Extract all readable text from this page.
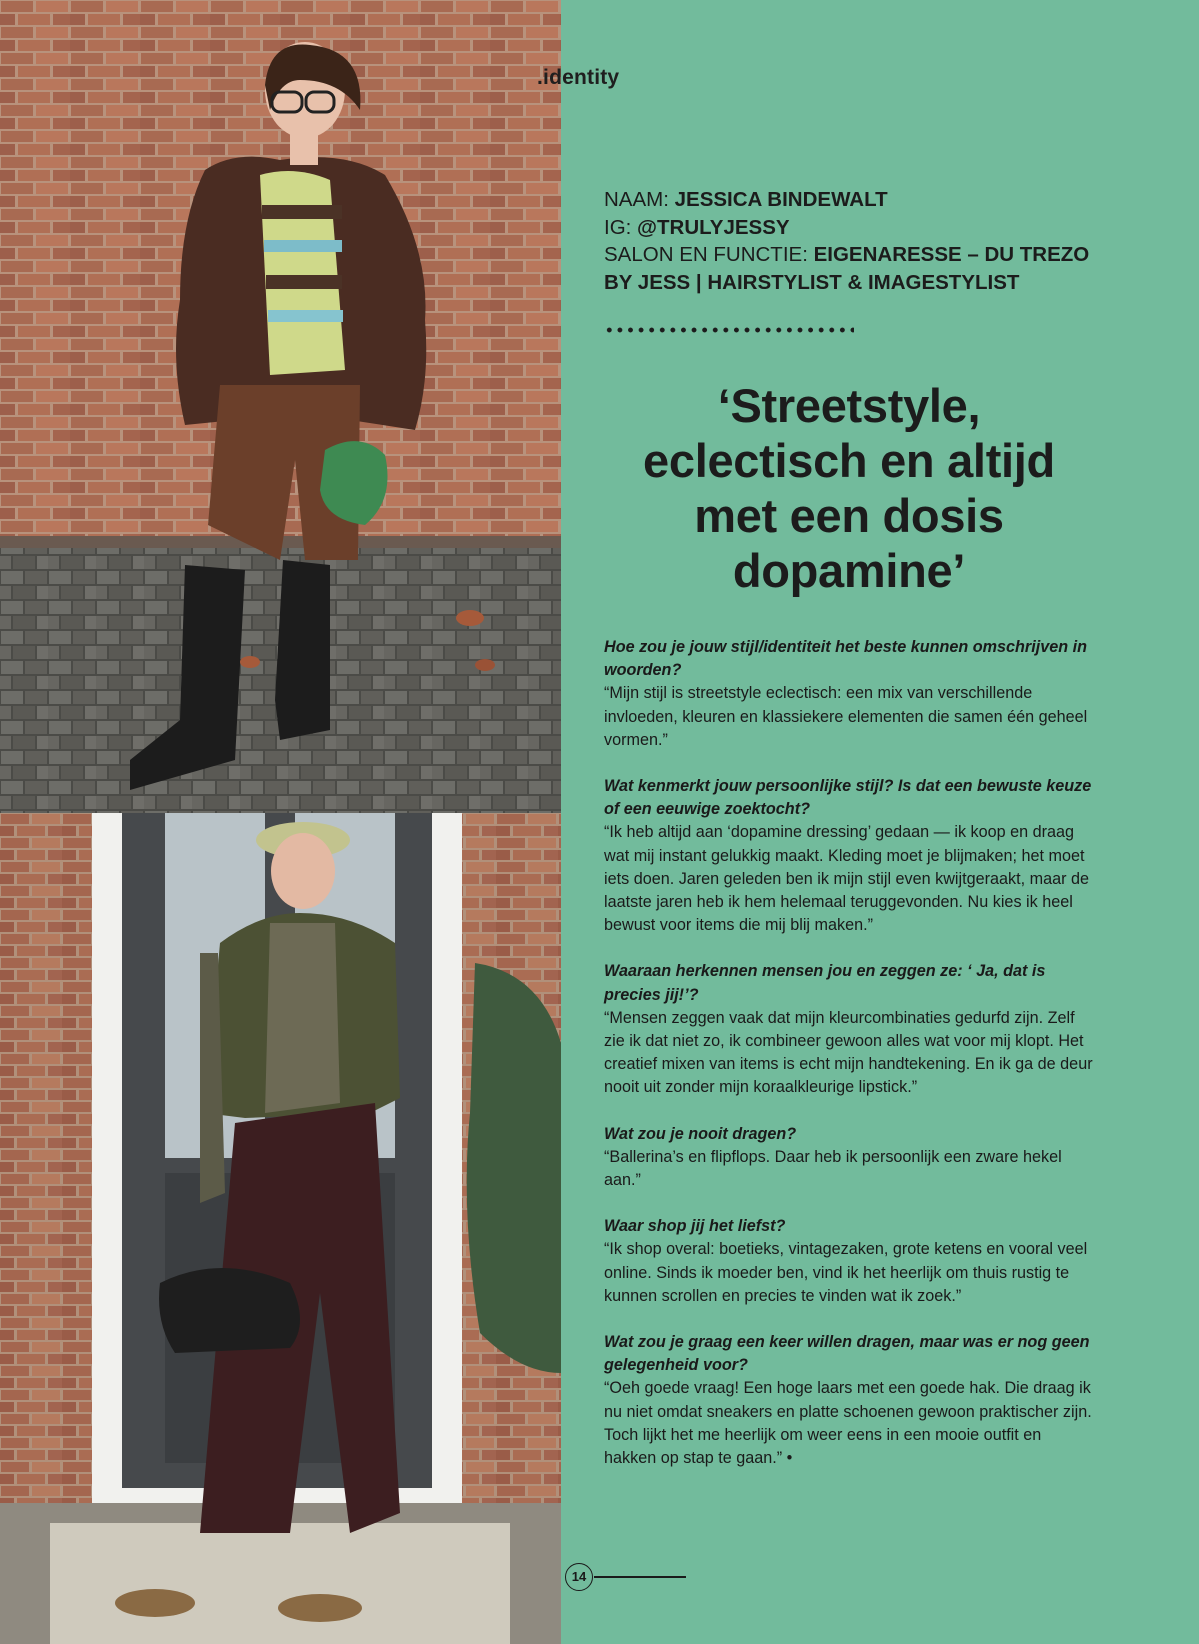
.identity
NAAM: JESSICA BINDEWALT
IG: @TRULYJESSY
SALON EN FUNCTIE: EIGENARESSE – DU TREZO BY JESS | HAIRSTYLIST & IMAGESTYLIST
‘Streetstyle, eclectisch en altijd met een dosis dopamine’
Hoe zou je jouw stijl/identiteit het beste kunnen omschrijven in woorden?
“Mijn stijl is streetstyle eclectisch: een mix van verschillende invloeden, kleuren en klassiekere elementen die samen één geheel vormen.”
Wat kenmerkt jouw persoonlijke stijl? Is dat een bewuste keuze of een eeuwige zoektocht?
“Ik heb altijd aan ‘dopamine dressing’ gedaan — ik koop en draag wat mij instant gelukkig maakt. Kleding moet je blijmaken; het moet iets doen. Jaren geleden ben ik mijn stijl even kwijtgeraakt, maar de laatste jaren heb ik hem helemaal teruggevonden. Nu kies ik heel bewust voor items die mij blij maken.”
Waaraan herkennen mensen jou en zeggen ze: ‘ Ja, dat is precies jij!’?
“Mensen zeggen vaak dat mijn kleurcombinaties gedurfd zijn. Zelf zie ik dat niet zo, ik combineer gewoon alles wat voor mij klopt. Het creatief mixen van items is echt mijn handtekening. En ik ga de deur nooit uit zonder mijn koraalkleurige lipstick.”
Wat zou je nooit dragen?
“Ballerina’s en flipflops. Daar heb ik persoonlijk een zware hekel aan.”
Waar shop jij het liefst?
“Ik shop overal: boetieks, vintagezaken, grote ketens en vooral veel online. Sinds ik moeder ben, vind ik het heerlijk om thuis rustig te kunnen scrollen en precies te vinden wat ik zoek.”
Wat zou je graag een keer willen dragen, maar was er nog geen gelegenheid voor?
“Oeh goede vraag! Een hoge laars met een goede hak. Die draag ik nu niet omdat sneakers en platte schoenen gewoon praktischer zijn. Toch lijkt het me heerlijk om weer eens in een mooie outfit en hakken op stap te gaan.” •
14
